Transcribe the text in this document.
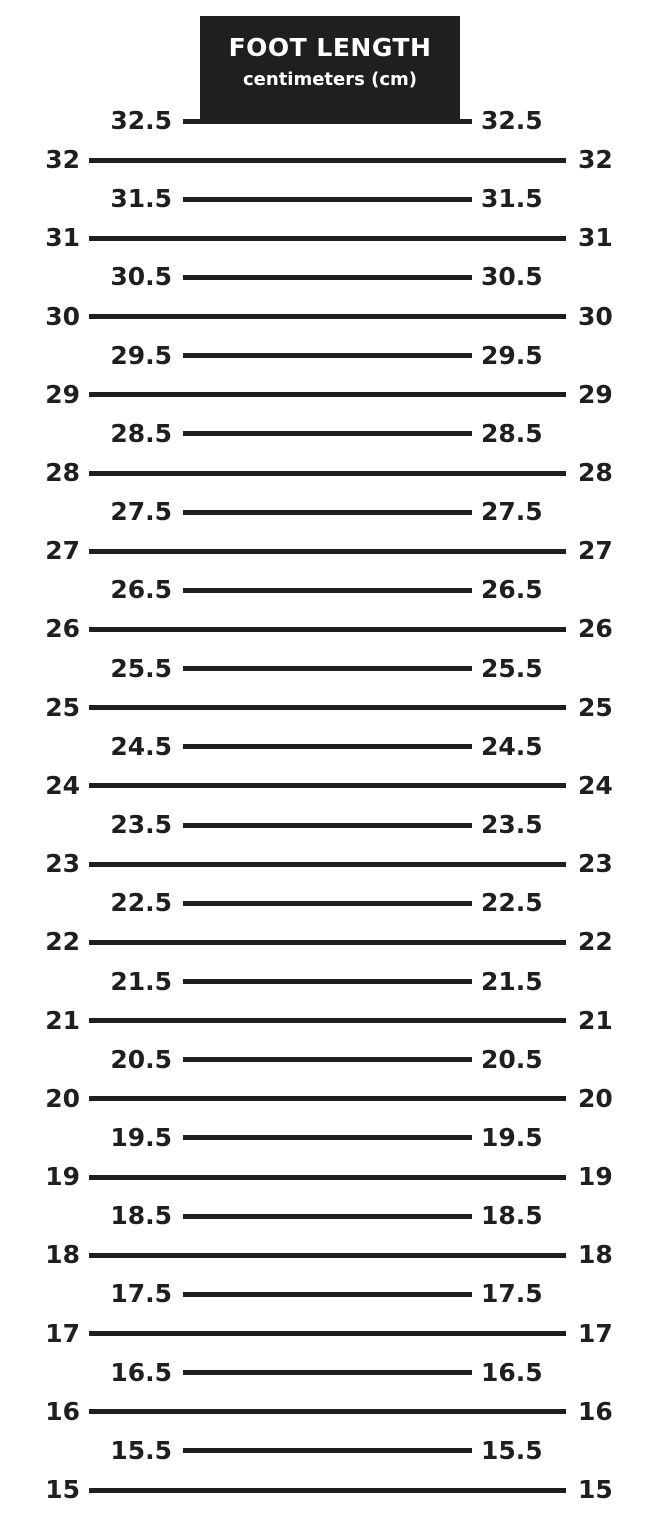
32.5	32.5
32	32
31.5	31.5
31	31
30.5	30.5
30	30
29.5	29.5
29	29
28.5	28.5
28	28
27.5	27.5
27	27
26.5	26.5
26	26
25.5	25.5
25	25
24.5	24.5
24	24
23.5	23.5
23	23
22.5	22.5
22	22
21.5	21.5
21	21
20.5	20.5
20	20
19.5	19.5
19	19
18.5	18.5
18	18
17.5	17.5
17	17
16.5	16.5
16	16
15.5	15.5
15	15
FOOT LENGTH
centimeters (cm)
